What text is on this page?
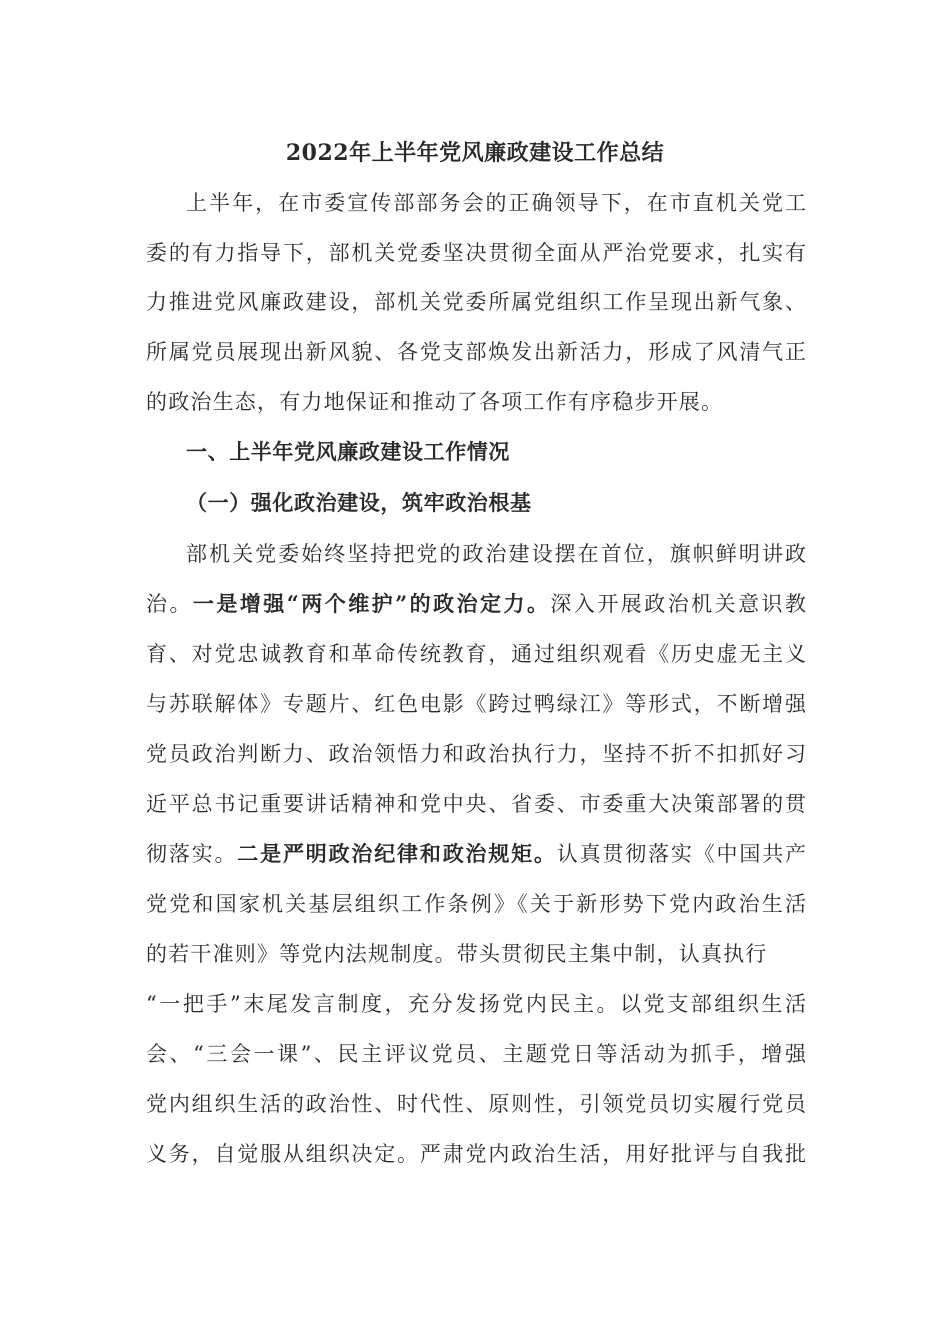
2022年上半年党风廉政建设工作总结
上半年，在市委宣传部部务会的正确领导下，在市直机关党工
委的有力指导下，部机关党委坚决贯彻全面从严治党要求，扎实有
力推进党风廉政建设，部机关党委所属党组织工作呈现出新气象、
所属党员展现出新风貌、各党支部焕发出新活力，形成了风清气正
的政治生态，有力地保证和推动了各项工作有序稳步开展。
一、上半年党风廉政建设工作情况
（一）强化政治建设，筑牢政治根基
部机关党委始终坚持把党的政治建设摆在首位，旗帜鲜明讲政
治。一是增强“两个维护”的政治定力。深入开展政治机关意识教
育、对党忠诚教育和革命传统教育，通过组织观看《历史虚无主义
与苏联解体》专题片、红色电影《跨过鸭绿江》等形式，不断增强
党员政治判断力、政治领悟力和政治执行力，坚持不折不扣抓好习
近平总书记重要讲话精神和党中央、省委、市委重大决策部署的贯
彻落实。二是严明政治纪律和政治规矩。认真贯彻落实《中国共产
党党和国家机关基层组织工作条例》《关于新形势下党内政治生活
的若干准则》等党内法规制度。带头贯彻民主集中制，认真执行
“一把手”末尾发言制度，充分发扬党内民主。以党支部组织生活
会、“三会一课”、民主评议党员、主题党日等活动为抓手，增强
党内组织生活的政治性、时代性、原则性，引领党员切实履行党员
义务，自觉服从组织决定。严肃党内政治生活，用好批评与自我批
